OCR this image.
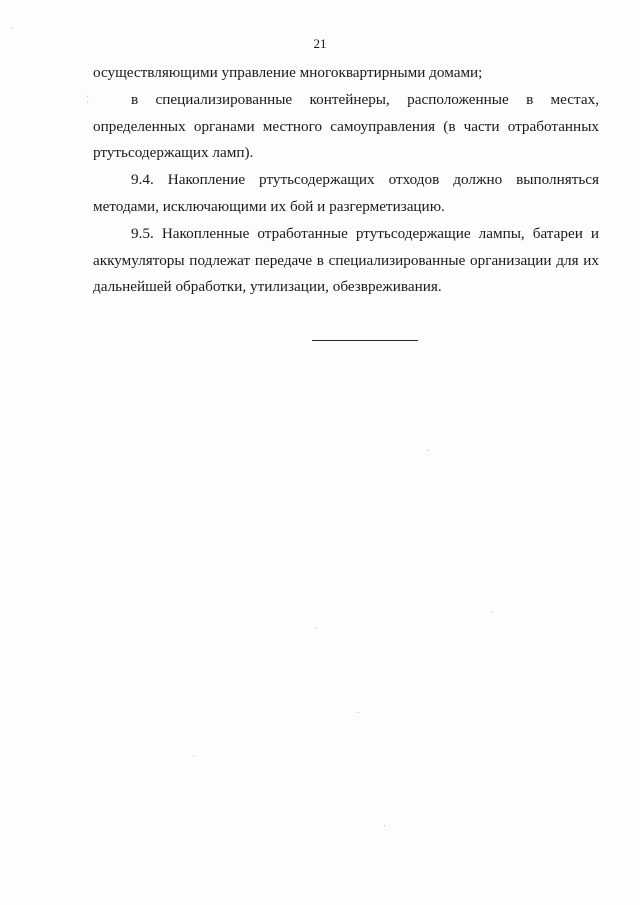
21
⁚
осуществляющими управление многоквартирными домами;
в специализированные контейнеры, расположенные в местах,
определенных органами местного самоуправления (в части отработанных
ртутьсодержащих ламп).
9.4. Накопление ртутьсодержащих отходов должно выполняться
методами, исключающими их бой и разгерметизацию.
9.5. Накопленные отработанные ртутьсодержащие лампы, батареи и
аккумуляторы подлежат передаче в специализированные организации для их
дальнейшей обработки, утилизации, обезвреживания.
